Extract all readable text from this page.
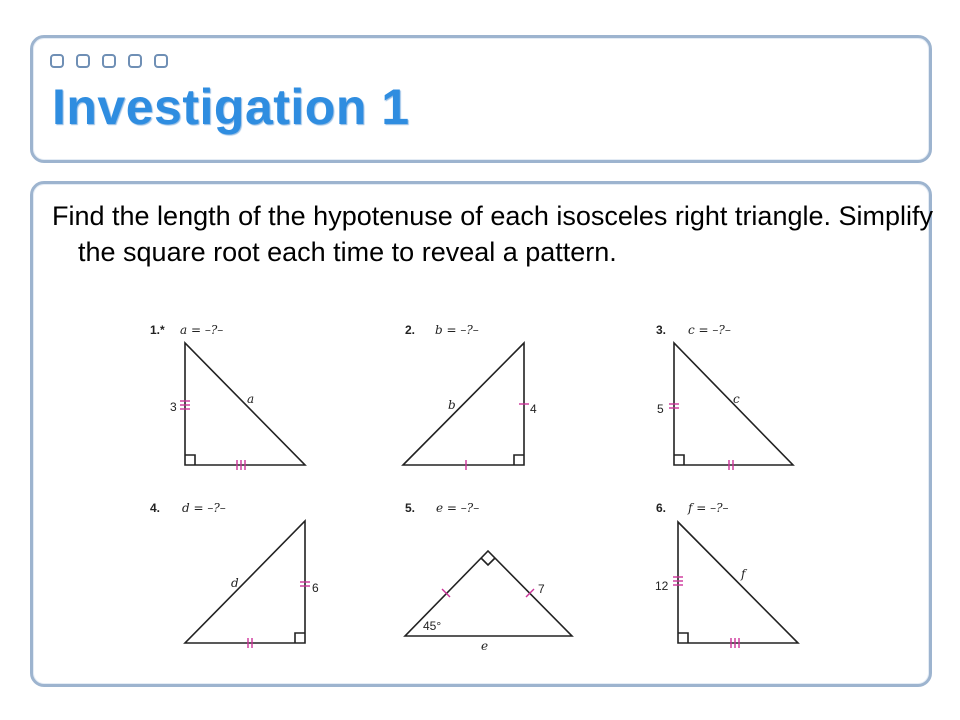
Investigation 1

Find the length of the hypotenuse of each isosceles right triangle. Simplify the square root each time to reveal a pattern.

1.* a = –?–
3
a
2. b = –?–
4
b
3. c = –?–
5
c
4. d = –?–
6
d
5. e = –?–
7
45°
e
6. f = –?–
12
f
